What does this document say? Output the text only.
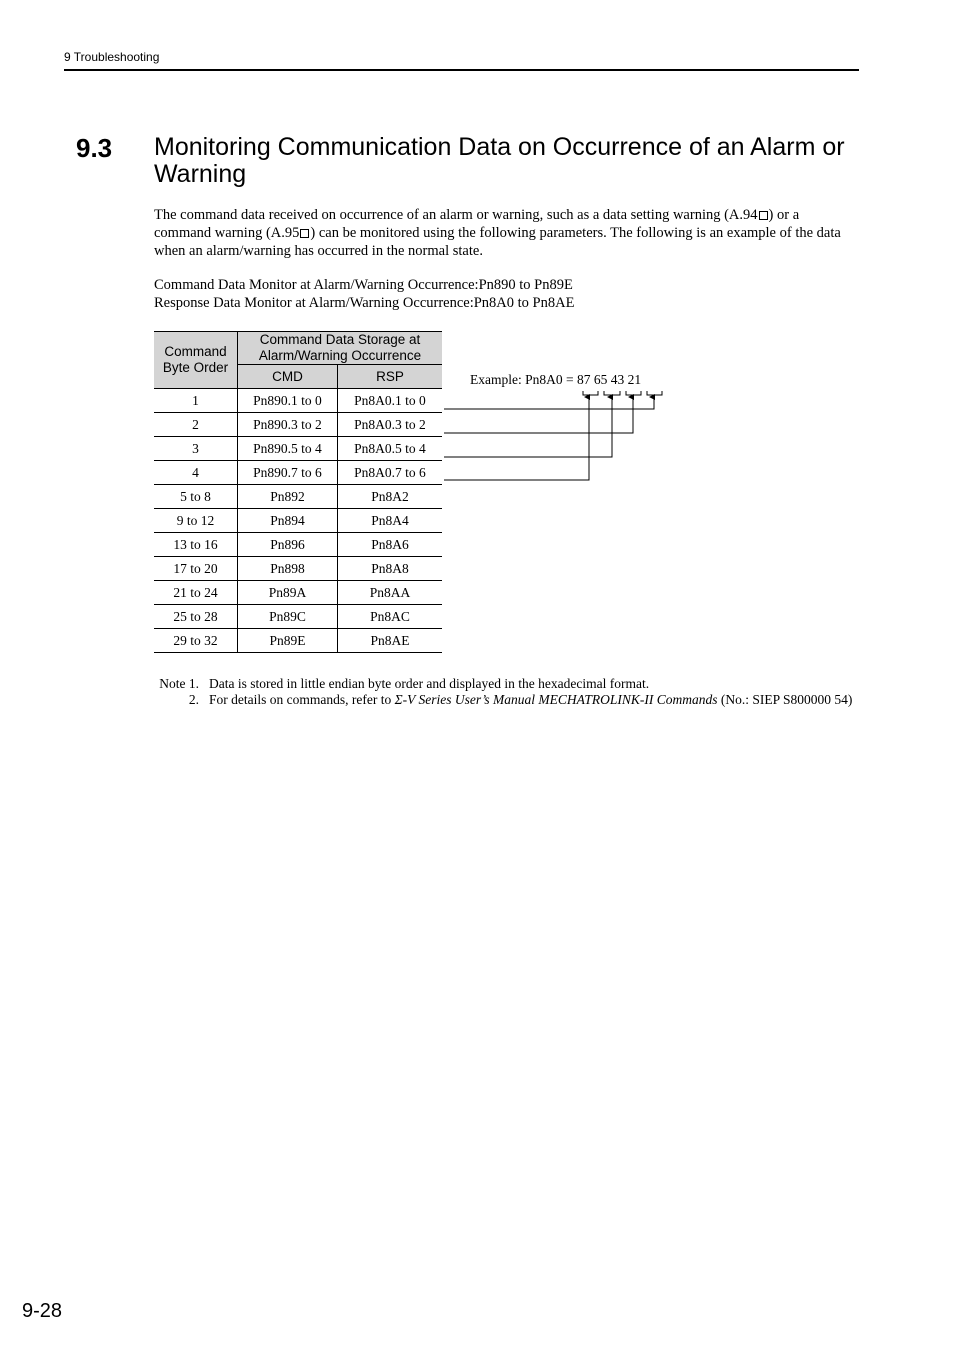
9 Troubleshooting
9.3 Monitoring Communication Data on Occurrence of an Alarm or Warning
The command data received on occurrence of an alarm or warning, such as a data setting warning (A.94 ) or a command warning (A.95 ) can be monitored using the following parameters. The following is an example of the data when an alarm/warning has occurred in the normal state.
Command Data Monitor at Alarm/Warning Occurrence:Pn890 to Pn89E
Response Data Monitor at Alarm/Warning Occurrence:Pn8A0 to Pn8AE
Command Byte Order	Command Data Storage at Alarm/Warning Occurrence	
	CMD	RSP
1	Pn890.1 to 0	Pn8A0.1 to 0
2	Pn890.3 to 2	Pn8A0.3 to 2
3	Pn890.5 to 4	Pn8A0.5 to 4
4	Pn890.7 to 6	Pn8A0.7 to 6
5 to 8	Pn892	Pn8A2
9 to 12	Pn894	Pn8A4
13 to 16	Pn896	Pn8A6
17 to 20	Pn898	Pn8A8
21 to 24	Pn89A	Pn8AA
25 to 28	Pn89C	Pn8AC
29 to 32	Pn89E	Pn8AE
Example: Pn8A0 = 87 65 43 21
Note 1. Data is stored in little endian byte order and displayed in the hexadecimal format.
2. For details on commands, refer to Σ-V Series User’s Manual MECHATROLINK-II Commands (No.: SIEP S800000 54)
9-28
